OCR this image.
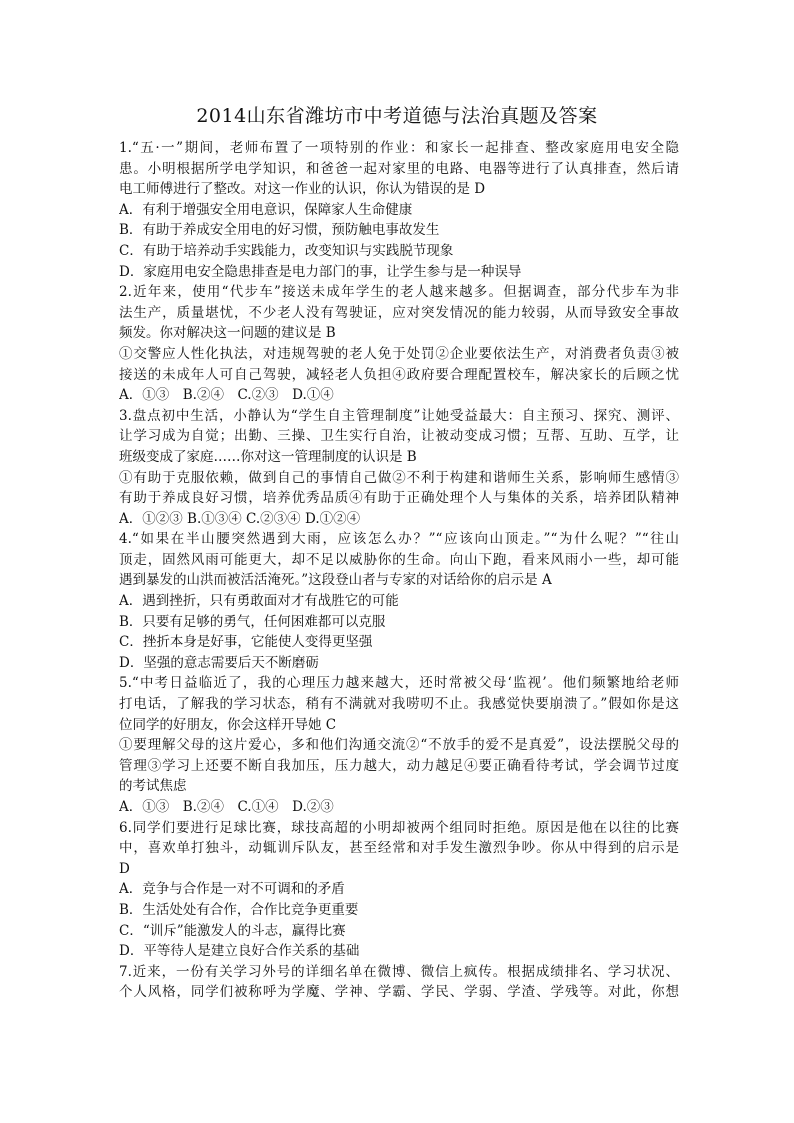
2014山东省潍坊市中考道德与法治真题及答案
1.“五·一”期间，老师布置了一项特别的作业：和家长一起排查、整改家庭用电安全隐
患。小明根据所学电学知识，和爸爸一起对家里的电路、电器等进行了认真排查，然后请
电工师傅进行了整改。对这一作业的认识，你认为错误的是 D
A．有利于增强安全用电意识，保障家人生命健康
B．有助于养成安全用电的好习惯，预防触电事故发生
C．有助于培养动手实践能力，改变知识与实践脱节现象
D．家庭用电安全隐患排查是电力部门的事，让学生参与是一种误导
2.近年来，使用“代步车”接送未成年学生的老人越来越多。但据调查，部分代步车为非
法生产，质量堪忧，不少老人没有驾驶证，应对突发情况的能力较弱，从而导致安全事故
频发。你对解决这一问题的建议是 B
①交警应人性化执法，对违规驾驶的老人免于处罚②企业要依法生产，对消费者负责③被
接送的未成年人可自己驾驶，减轻老人负担④政府要合理配置校车，解决家长的后顾之忧
A．①③　B.②④　C.②③　D.①④
3.盘点初中生活，小静认为“学生自主管理制度”让她受益最大：自主预习、探究、测评、
让学习成为自觉；出勤、三操、卫生实行自治，让被动变成习惯；互帮、互助、互学，让
班级变成了家庭……你对这一管理制度的认识是 B
①有助于克服依赖，做到自己的事情自己做②不利于构建和谐师生关系，影响师生感情③
有助于养成良好习惯，培养优秀品质④有助于正确处理个人与集体的关系，培养团队精神
A．①②③ B.①③④ C.②③④ D.①②④
4.“如果在半山腰突然遇到大雨，应该怎么办？”“应该向山顶走。”“为什么呢？”“往山
顶走，固然风雨可能更大，却不足以威胁你的生命。向山下跑，看来风雨小一些，却可能
遇到暴发的山洪而被活活淹死。”这段登山者与专家的对话给你的启示是 A
A．遇到挫折，只有勇敢面对才有战胜它的可能
B．只要有足够的勇气，任何困难都可以克服
C．挫折本身是好事，它能使人变得更坚强
D．坚强的意志需要后天不断磨砺
5.“中考日益临近了，我的心理压力越来越大，还时常被父母‘监视’。他们频繁地给老师
打电话，了解我的学习状态，稍有不满就对我唠叨不止。我感觉快要崩溃了。”假如你是这
位同学的好朋友，你会这样开导她 C
①要理解父母的这片爱心，多和他们沟通交流②“不放手的爱不是真爱”，设法摆脱父母的
管理③学习上还要不断自我加压，压力越大，动力越足④要正确看待考试，学会调节过度
的考试焦虑
A．①③　B.②④　C.①④　D.②③
6.同学们要进行足球比赛，球技高超的小明却被两个组同时拒绝。原因是他在以往的比赛
中，喜欢单打独斗，动辄训斥队友，甚至经常和对手发生激烈争吵。你从中得到的启示是
D
A．竞争与合作是一对不可调和的矛盾
B．生活处处有合作，合作比竞争更重要
C．“训斥”能激发人的斗志，赢得比赛
D．平等待人是建立良好合作关系的基础
7.近来，一份有关学习外号的详细名单在微博、微信上疯传。根据成绩排名、学习状况、
个人风格，同学们被称呼为学魔、学神、学霸、学民、学弱、学渣、学残等。对此，你想
